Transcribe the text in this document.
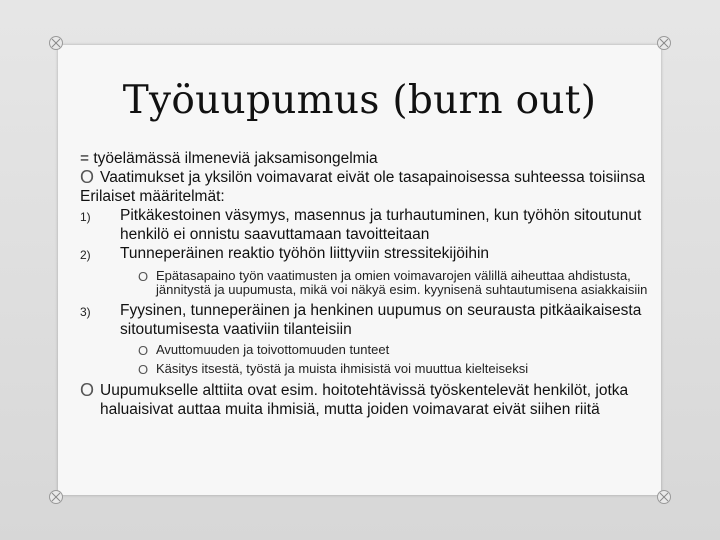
Työuupumus (burn out)
= työelämässä ilmeneviä jaksamisongelmia
O Vaatimukset ja yksilön voimavarat eivät ole tasapainoisessa suhteessa toisiinsa
Erilaiset määritelmät:
1)	Pitkäkestoinen väsymys, masennus ja turhautuminen, kun työhön sitoutunut henkilö ei onnistu saavuttamaan tavoitteitaan
2)	Tunneperäinen reaktio työhön liittyviin stressitekijöihin
O Epätasapaino työn vaatimusten ja omien voimavarojen välillä aiheuttaa ahdistusta, jännitystä ja uupumusta, mikä voi näkyä esim. kyynisenä suhtautumisena asiakkaisiin
3)	Fyysinen, tunneperäinen ja henkinen uupumus on seurausta pitkäaikaisesta sitoutumisesta vaativiin tilanteisiin
O Avuttomuuden ja toivottomuuden tunteet
O Käsitys itsestä, työstä ja muista ihmisistä voi muuttua kielteiseksi
O Uupumukselle alttiita ovat esim. hoitotehtävissä työskentelevät henkilöt, jotka haluaisivat auttaa muita ihmisiä, mutta joiden voimavarat eivät siihen riitä
